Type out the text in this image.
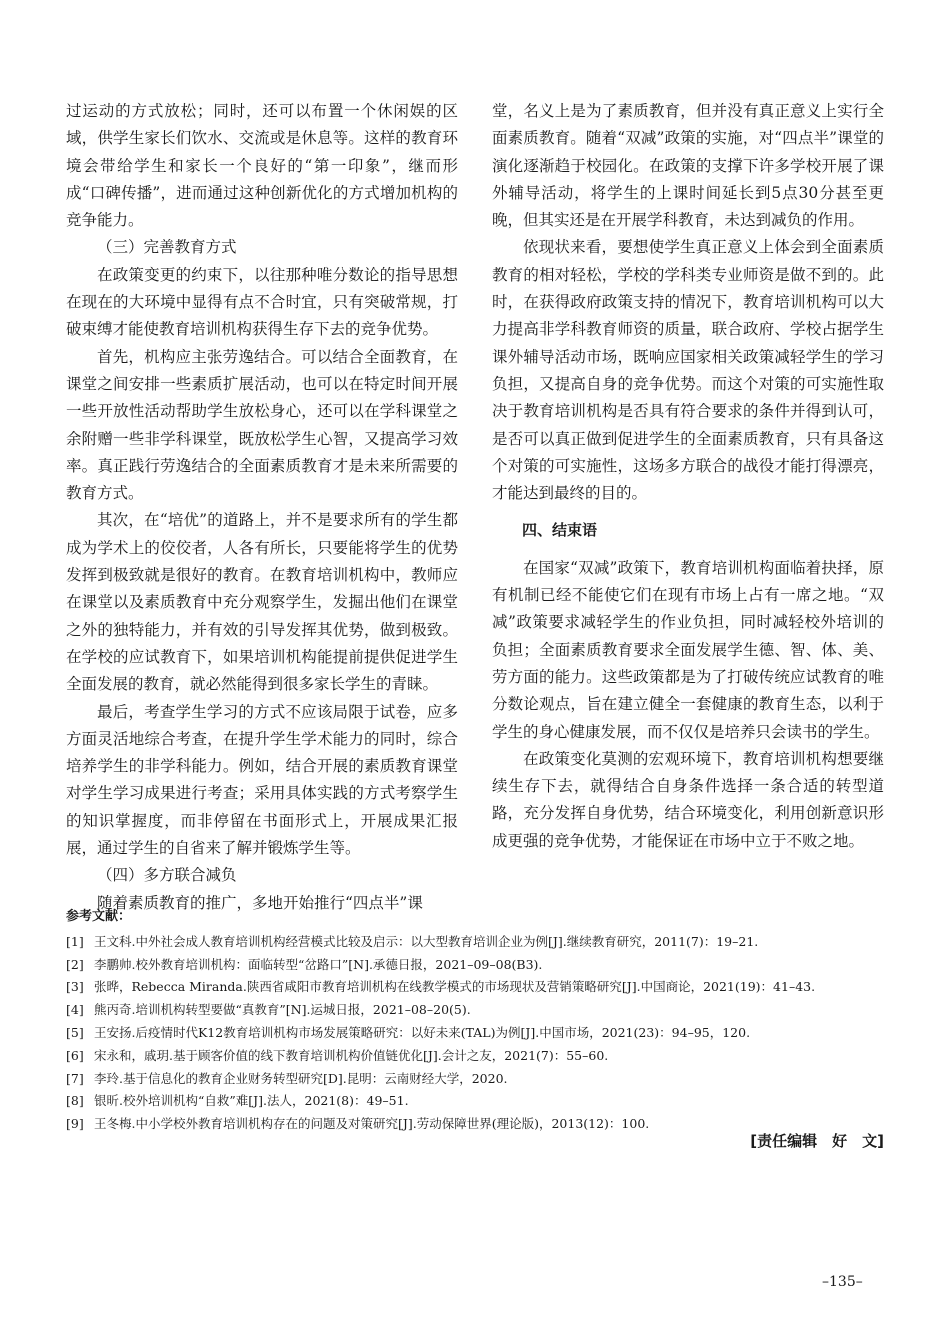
过运动的方式放松；同时，还可以布置一个休闲娱的区域，供学生家长们饮水、交流或是休息等。这样的教育环境会带给学生和家长一个良好的“第一印象”，继而形成“口碑传播”，进而通过这种创新优化的方式增加机构的竞争能力。

（三）完善教育方式

在政策变更的约束下，以往那种唯分数论的指导思想在现在的大环境中显得有点不合时宜，只有突破常规，打破束缚才能使教育培训机构获得生存下去的竞争优势。

首先，机构应主张劳逸结合。可以结合全面教育，在课堂之间安排一些素质扩展活动，也可以在特定时间开展一些开放性活动帮助学生放松身心，还可以在学科课堂之余附赠一些非学科课堂，既放松学生心智，又提高学习效率。真正践行劳逸结合的全面素质教育才是未来所需要的教育方式。

其次，在“培优”的道路上，并不是要求所有的学生都成为学术上的佼佼者，人各有所长，只要能将学生的优势发挥到极致就是很好的教育。在教育培训机构中，教师应在课堂以及素质教育中充分观察学生，发掘出他们在课堂之外的独特能力，并有效的引导发挥其优势，做到极致。在学校的应试教育下，如果培训机构能提前提供促进学生全面发展的教育，就必然能得到很多家长学生的青睐。

最后，考查学生学习的方式不应该局限于试卷，应多方面灵活地综合考查，在提升学生学术能力的同时，综合培养学生的非学科能力。例如，结合开展的素质教育课堂对学生学习成果进行考查；采用具体实践的方式考察学生的知识掌握度，而非停留在书面形式上，开展成果汇报展，通过学生的自省来了解并锻炼学生等。

（四）多方联合减负

随着素质教育的推广，多地开始推行“四点半”课

堂，名义上是为了素质教育，但并没有真正意义上实行全面素质教育。随着“双减”政策的实施，对“四点半”课堂的演化逐渐趋于校园化。在政策的支撑下许多学校开展了课外辅导活动，将学生的上课时间延长到5点30分甚至更晚，但其实还是在开展学科教育，未达到减负的作用。

依现状来看，要想使学生真正意义上体会到全面素质教育的相对轻松，学校的学科类专业师资是做不到的。此时，在获得政府政策支持的情况下，教育培训机构可以大力提高非学科教育师资的质量，联合政府、学校占据学生课外辅导活动市场，既响应国家相关政策减轻学生的学习负担，又提高自身的竞争优势。而这个对策的可实施性取决于教育培训机构是否具有符合要求的条件并得到认可，是否可以真正做到促进学生的全面素质教育，只有具备这个对策的可实施性，这场多方联合的战役才能打得漂亮，才能达到最终的目的。

四、结束语

在国家“双减”政策下，教育培训机构面临着抉择，原有机制已经不能使它们在现有市场上占有一席之地。“双减”政策要求减轻学生的作业负担，同时减轻校外培训的负担；全面素质教育要求全面发展学生德、智、体、美、劳方面的能力。这些政策都是为了打破传统应试教育的唯分数论观点，旨在建立健全一套健康的教育生态，以利于学生的身心健康发展，而不仅仅是培养只会读书的学生。

在政策变化莫测的宏观环境下，教育培训机构想要继续生存下去，就得结合自身条件选择一条合适的转型道路，充分发挥自身优势，结合环境变化，利用创新意识形成更强的竞争优势，才能保证在市场中立于不败之地。

参考文献：
[1] 王文科.中外社会成人教育培训机构经营模式比较及启示：以大型教育培训企业为例[J].继续教育研究，2011(7)：19–21.
[2] 李鹏帅.校外教育培训机构：面临转型“岔路口”[N].承德日报，2021–09–08(B3).
[3] 张晔，Rebecca Miranda.陕西省咸阳市教育培训机构在线教学模式的市场现状及营销策略研究[J].中国商论，2021(19)：41–43.
[4] 熊丙奇.培训机构转型要做“真教育”[N].运城日报，2021–08–20(5).
[5] 王安扬.后疫情时代K12教育培训机构市场发展策略研究：以好未来(TAL)为例[J].中国市场，2021(23)：94–95，120.
[6] 宋永和，戚玥.基于顾客价值的线下教育培训机构价值链优化[J].会计之友，2021(7)：55–60.
[7] 李玲.基于信息化的教育企业财务转型研究[D].昆明：云南财经大学，2020.
[8] 银昕.校外培训机构“自救”难[J].法人，2021(8)：49–51.
[9] 王冬梅.中小学校外教育培训机构存在的问题及对策研究[J].劳动保障世界(理论版)，2013(12)：100.
[责任编辑　好　文]
–135–
